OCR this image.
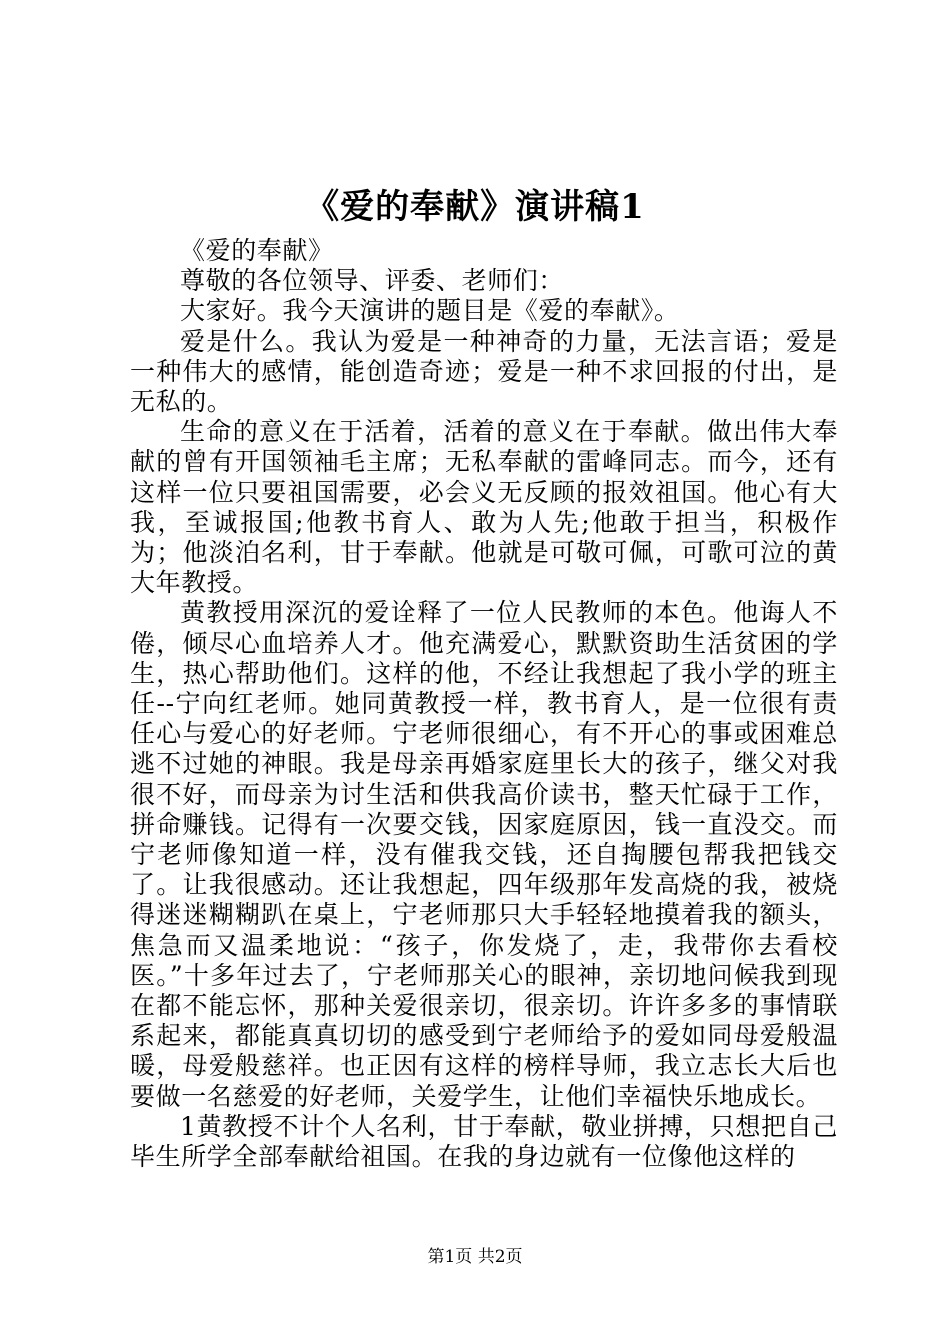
《爱的奉献》演讲稿1

《爱的奉献》

尊敬的各位领导、评委、老师们：

大家好。我今天演讲的题目是《爱的奉献》。

爱是什么。我认为爱是一种神奇的力量，无法言语；爱是一种伟大的感情，能创造奇迹；爱是一种不求回报的付出，是无私的。

生命的意义在于活着，活着的意义在于奉献。做出伟大奉献的曾有开国领袖毛主席；无私奉献的雷峰同志。而今，还有这样一位只要祖国需要，必会义无反顾的报效祖国。他心有大我，至诚报国;他教书育人、敢为人先;他敢于担当，积极作为；他淡泊名利，甘于奉献。他就是可敬可佩，可歌可泣的黄大年教授。

黄教授用深沉的爱诠释了一位人民教师的本色。他诲人不倦，倾尽心血培养人才。他充满爱心，默默资助生活贫困的学生，热心帮助他们。这样的他，不经让我想起了我小学的班主任--宁向红老师。她同黄教授一样，教书育人，是一位很有责任心与爱心的好老师。宁老师很细心，有不开心的事或困难总逃不过她的神眼。我是母亲再婚家庭里长大的孩子，继父对我很不好，而母亲为讨生活和供我高价读书，整天忙碌于工作，拼命赚钱。记得有一次要交钱，因家庭原因，钱一直没交。而宁老师像知道一样，没有催我交钱，还自掏腰包帮我把钱交了。让我很感动。还让我想起，四年级那年发高烧的我，被烧得迷迷糊糊趴在桌上，宁老师那只大手轻轻地摸着我的额头，焦急而又温柔地说：“孩子，你发烧了，走，我带你去看校医。”十多年过去了，宁老师那关心的眼神，亲切地问候我到现在都不能忘怀，那种关爱很亲切，很亲切。许许多多的事情联系起来，都能真真切切的感受到宁老师给予的爱如同母爱般温暖，母爱般慈祥。也正因有这样的榜样导师，我立志长大后也要做一名慈爱的好老师，关爱学生，让他们幸福快乐地成长。

1黄教授不计个人名利，甘于奉献，敬业拼搏，只想把自己毕生所学全部奉献给祖国。在我的身边就有一位像他这样的

第1页 共2页
